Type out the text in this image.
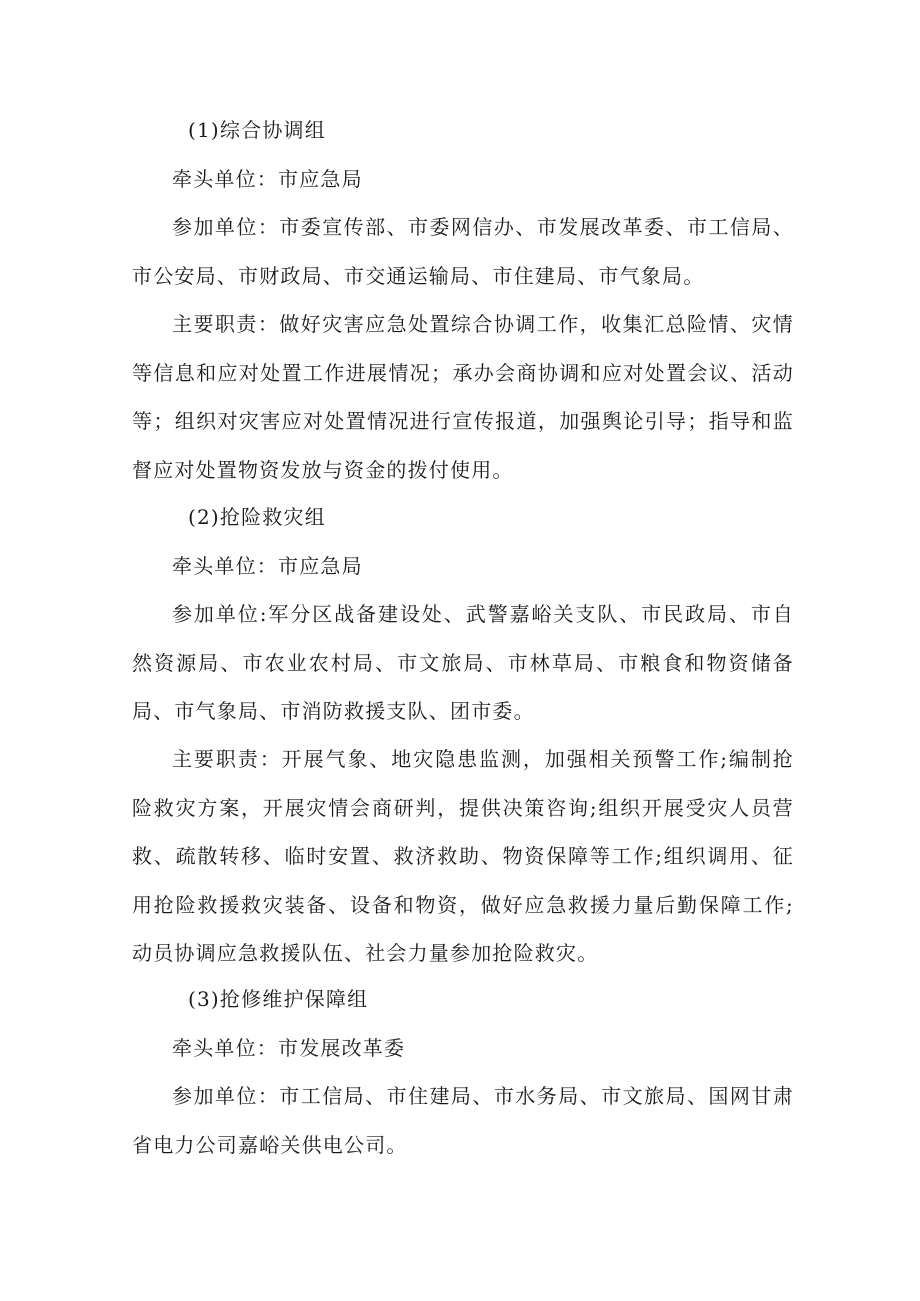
(1)综合协调组

牵头单位：市应急局

参加单位：市委宣传部、市委网信办、市发展改革委、市工信局、市公安局、市财政局、市交通运输局、市住建局、市气象局。

主要职责：做好灾害应急处置综合协调工作，收集汇总险情、灾情等信息和应对处置工作进展情况；承办会商协调和应对处置会议、活动等；组织对灾害应对处置情况进行宣传报道，加强舆论引导；指导和监督应对处置物资发放与资金的拨付使用。

(2)抢险救灾组

牵头单位：市应急局

参加单位:军分区战备建设处、武警嘉峪关支队、市民政局、市自然资源局、市农业农村局、市文旅局、市林草局、市粮食和物资储备局、市气象局、市消防救援支队、团市委。

主要职责：开展气象、地灾隐患监测，加强相关预警工作;编制抢险救灾方案，开展灾情会商研判，提供决策咨询;组织开展受灾人员营救、疏散转移、临时安置、救济救助、物资保障等工作;组织调用、征用抢险救援救灾装备、设备和物资，做好应急救援力量后勤保障工作;动员协调应急救援队伍、社会力量参加抢险救灾。

(3)抢修维护保障组

牵头单位：市发展改革委

参加单位：市工信局、市住建局、市水务局、市文旅局、国网甘肃省电力公司嘉峪关供电公司。
